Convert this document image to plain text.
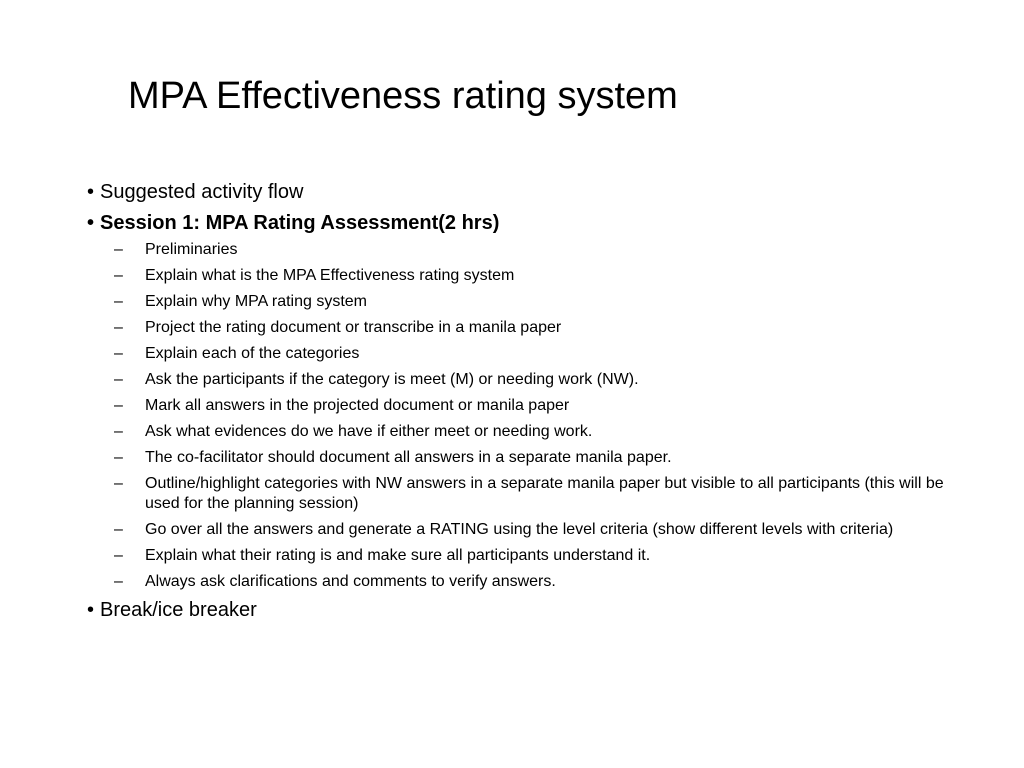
MPA Effectiveness rating system
• Suggested activity flow
• Session 1: MPA Rating Assessment(2 hrs)
– Preliminaries
– Explain what is the MPA Effectiveness rating system
– Explain why MPA rating system
– Project the rating document or transcribe in a manila paper
– Explain each of the categories
– Ask the participants if the category is meet (M) or needing work (NW).
– Mark all answers in the projected document or manila paper
– Ask what evidences do we have if either meet or needing work.
– The co-facilitator should document all answers in a separate manila paper.
– Outline/highlight categories with NW answers in a separate manila paper but visible to all participants (this will be used for the planning session)
– Go over all the answers and generate a RATING using the level criteria (show different levels with criteria)
– Explain what their rating is and make sure all participants understand it.
– Always ask clarifications and comments to verify answers.
• Break/ice breaker
